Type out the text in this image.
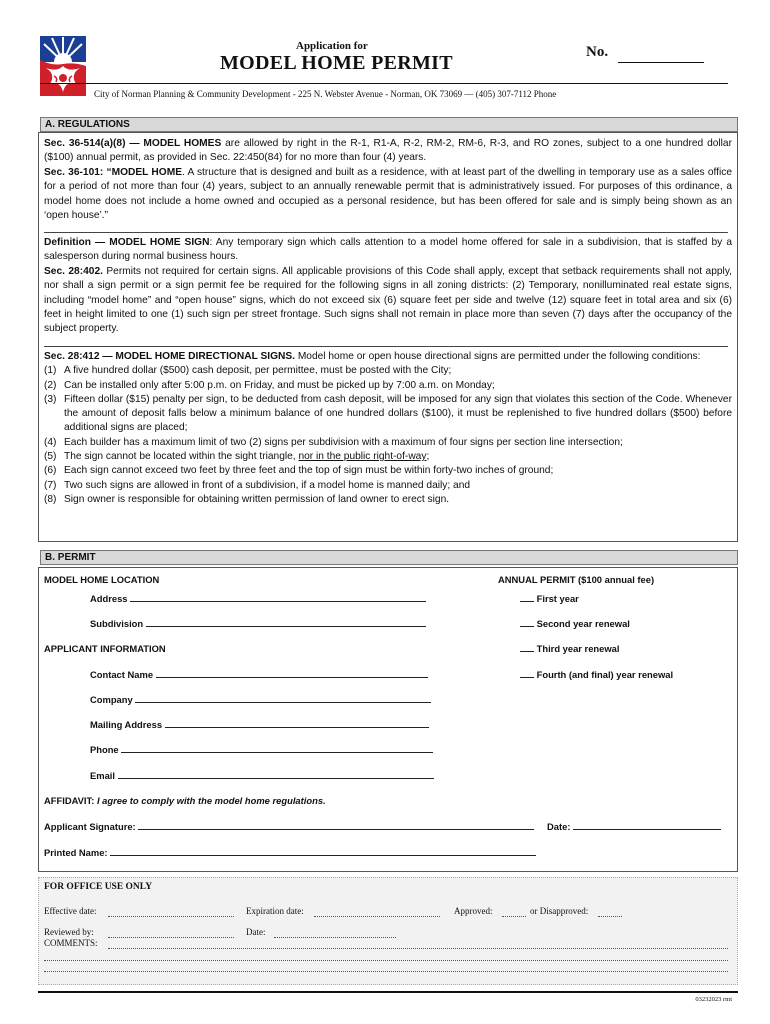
Application for
MODEL HOME PERMIT	No.
City of Norman Planning & Community Development - 225 N. Webster Avenue - Norman, OK 73069 — (405) 307-7112 Phone
A. REGULATIONS
Sec. 36-514(a)(8) — MODEL HOMES are allowed by right in the R-1, R1-A, R-2, RM-2, RM-6, R-3, and RO zones, subject to a one hundred dollar ($100) annual permit, as provided in Sec. 22:450(84) for no more than four (4) years.
Sec. 36-101: “MODEL HOME. A structure that is designed and built as a residence, with at least part of the dwelling in temporary use as a sales office for a period of not more than four (4) years, subject to an annually renewable permit that is administratively issued. For purposes of this ordinance, a model home does not include a home owned and occupied as a personal residence, but has been offered for sale and is simply being shown as an ‘open house’.”
Definition — MODEL HOME SIGN: Any temporary sign which calls attention to a model home offered for sale in a subdivision, that is staffed by a salesperson during normal business hours.
Sec. 28:402. Permits not required for certain signs. All applicable provisions of this Code shall apply, except that setback requirements shall not apply, nor shall a sign permit or a sign permit fee be required for the following signs in all zoning districts: (2) Temporary, nonilluminated real estate signs, including “model home” and “open house” signs, which do not exceed six (6) square feet per side and twelve (12) square feet in total area and six (6) feet in height limited to one (1) such sign per street frontage. Such signs shall not remain in place more than seven (7) days after the occupancy of the subject property.
Sec. 28:412 — MODEL HOME DIRECTIONAL SIGNS. Model home or open house directional signs are permitted under the following conditions:
(1) A five hundred dollar ($500) cash deposit, per permittee, must be posted with the City;
(2) Can be installed only after 5:00 p.m. on Friday, and must be picked up by 7:00 a.m. on Monday;
(3) Fifteen dollar ($15) penalty per sign, to be deducted from cash deposit, will be imposed for any sign that violates this section of the Code. Whenever the amount of deposit falls below a minimum balance of one hundred dollars ($100), it must be replenished to five hundred dollars ($500) before additional signs are placed;
(4) Each builder has a maximum limit of two (2) signs per subdivision with a maximum of four signs per section line intersection;
(5) The sign cannot be located within the sight triangle, nor in the public right-of-way;
(6) Each sign cannot exceed two feet by three feet and the top of sign must be within forty-two inches of ground;
(7) Two such signs are allowed in front of a subdivision, if a model home is manned daily; and
(8) Sign owner is responsible for obtaining written permission of land owner to erect sign.
B. PERMIT
MODEL HOME LOCATION	ANNUAL PERMIT ($100 annual fee)
Address
Subdivision
First year
Second year renewal
Third year renewal
Fourth (and final) year renewal
APPLICANT INFORMATION
Contact Name
Company
Mailing Address
Phone
Email
AFFIDAVIT: I agree to comply with the model home regulations.
Applicant Signature:	Date:
Printed Name:
FOR OFFICE USE ONLY
Effective date:	Expiration date:	Approved:	or Disapproved:
Reviewed by:	Date:
COMMENTS:
03232023 rmt
